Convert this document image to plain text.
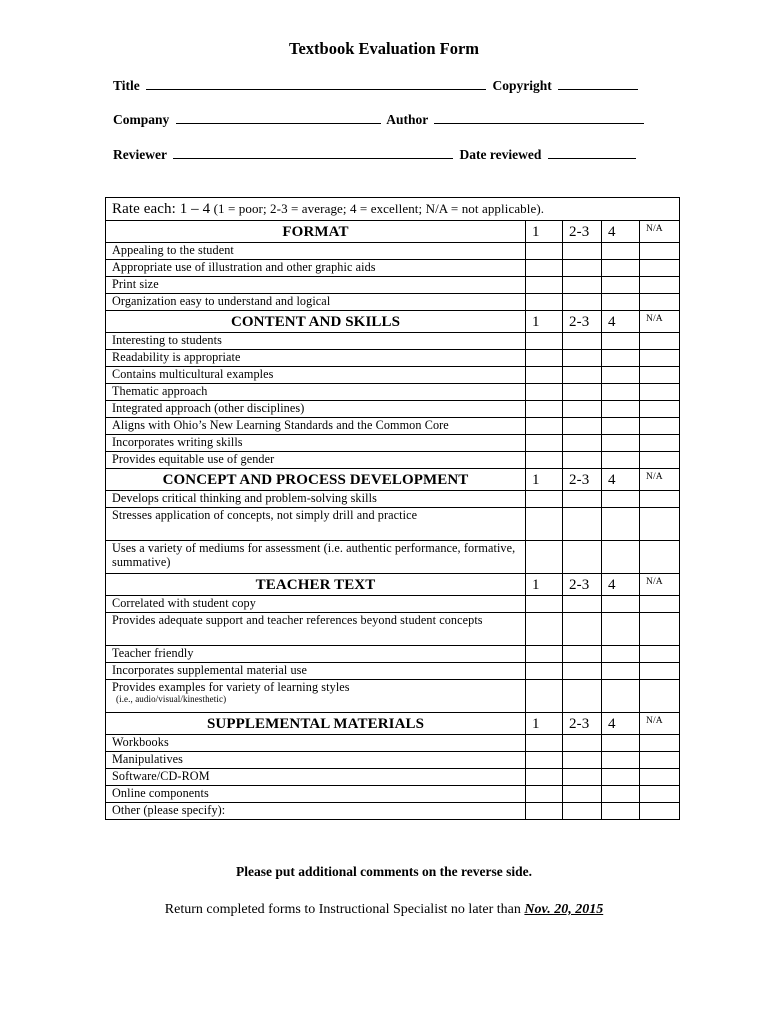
Textbook Evaluation Form
Title	Copyright
Company	Author
Reviewer	Date reviewed
Rate each: 1 – 4 (1 = poor; 2-3 = average; 4 = excellent; N/A = not applicable).				
FORMAT	1	2-3	4	N/A
Appealing to the student				
Appropriate use of illustration and other graphic aids				
Print size				
Organization easy to understand and logical				
CONTENT AND SKILLS	1	2-3	4	N/A
Interesting to students				
Readability is appropriate				
Contains multicultural examples				
Thematic approach				
Integrated approach (other disciplines)				
Aligns with Ohio’s New Learning Standards and the Common Core				
Incorporates writing skills				
Provides equitable use of gender				
CONCEPT AND PROCESS DEVELOPMENT	1	2-3	4	N/A
Develops critical thinking and problem-solving skills				
Stresses application of concepts, not simply drill and practice				
Uses a variety of mediums for assessment (i.e. authentic performance, formative, summative)				
TEACHER TEXT	1	2-3	4	N/A
Correlated with student copy				
Provides adequate support and teacher references beyond student concepts				
Teacher friendly				
Incorporates supplemental material use				
Provides examples for variety of learning styles
(i.e., audio/visual/kinesthetic)				

SUPPLEMENTAL MATERIALS	1	2-3	4	N/A
Workbooks				
Manipulatives				
Software/CD-ROM				
Online components				
Other (please specify):				
Please put additional comments on the reverse side.
Return completed forms to Instructional Specialist no later than Nov. 20, 2015
